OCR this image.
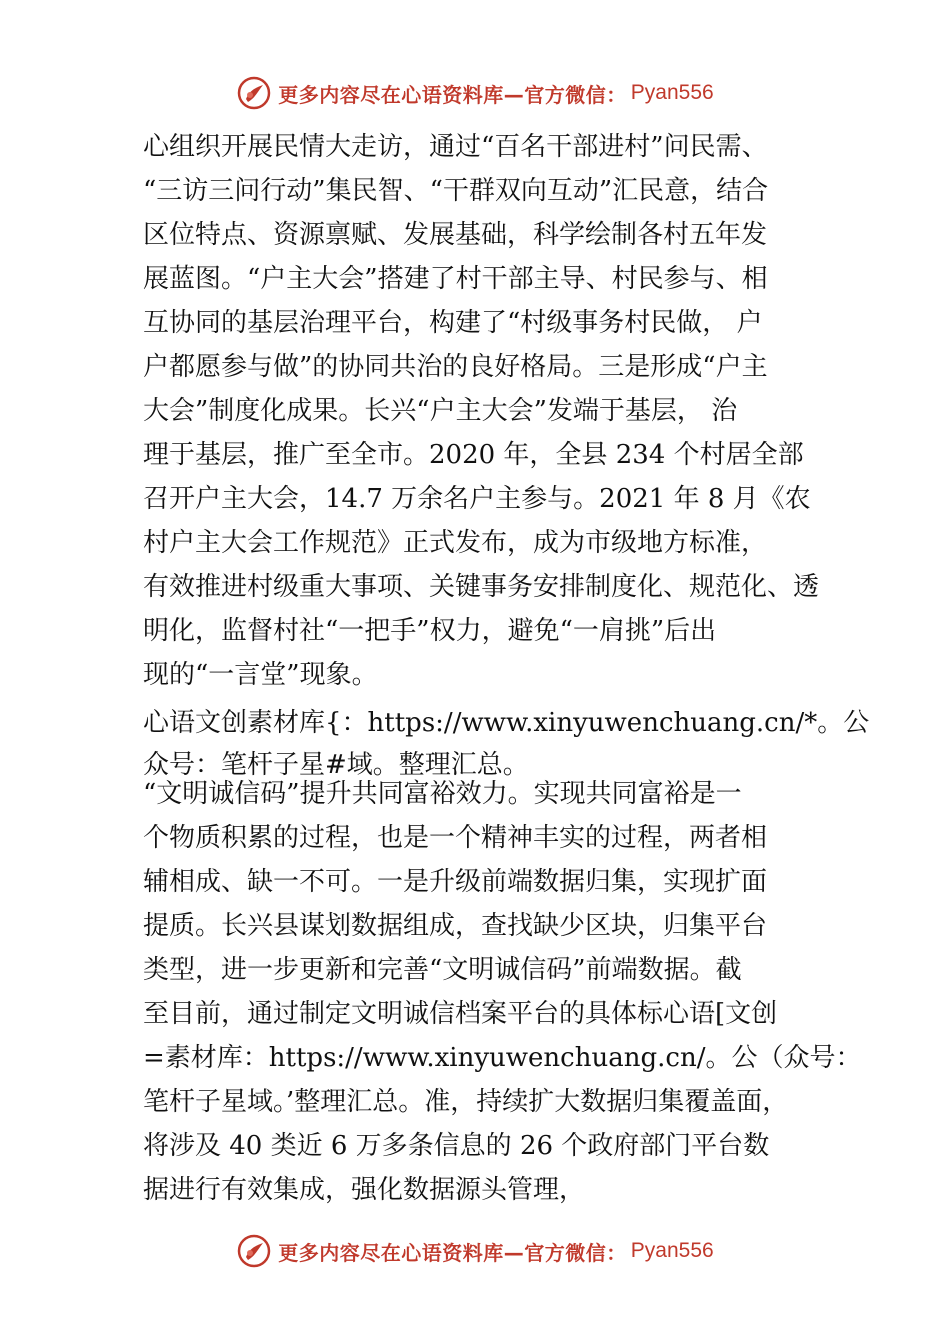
更多内容尽在心语资料库—官方微信： Pyan556
心组织开展民情大走访，通过“百名干部进村”问民需、
“三访三问行动”集民智、“干群双向互动”汇民意，结合
区位特点、资源禀赋、发展基础，科学绘制各村五年发
展蓝图。“户主大会”搭建了村干部主导、村民参与、相
互协同的基层治理平台，构建了“村级事务村民做， 户
户都愿参与做”的协同共治的良好格局。三是形成“户主
大会”制度化成果。长兴“户主大会”发端于基层， 治
理于基层，推广至全市。2020 年，全县 234 个村居全部
召开户主大会，14.7 万余名户主参与。2021 年 8 月《农
村户主大会工作规范》正式发布，成为市级地方标准，
有效推进村级重大事项、关键事务安排制度化、规范化、透
明化，监督村社“一把手”权力，避免“一肩挑”后出
现的“一言堂”现象。
心语文创素材库{：https://www.xinyuwenchuang.cn/*。公
众号：笔杆子星#域。整理汇总。
“文明诚信码”提升共同富裕效力。实现共同富裕是一
个物质积累的过程，也是一个精神丰实的过程，两者相
辅相成、缺一不可。一是升级前端数据归集，实现扩面
提质。长兴县谋划数据组成，查找缺少区块，归集平台
类型，进一步更新和完善“文明诚信码”前端数据。截
至目前，通过制定文明诚信档案平台的具体标心语[文创
=素材库：https://www.xinyuwenchuang.cn/。公（众号：
笔杆子星域。’整理汇总。准，持续扩大数据归集覆盖面，
将涉及 40 类近 6 万多条信息的 26 个政府部门平台数
据进行有效集成，强化数据源头管理，
更多内容尽在心语资料库—官方微信： Pyan556
